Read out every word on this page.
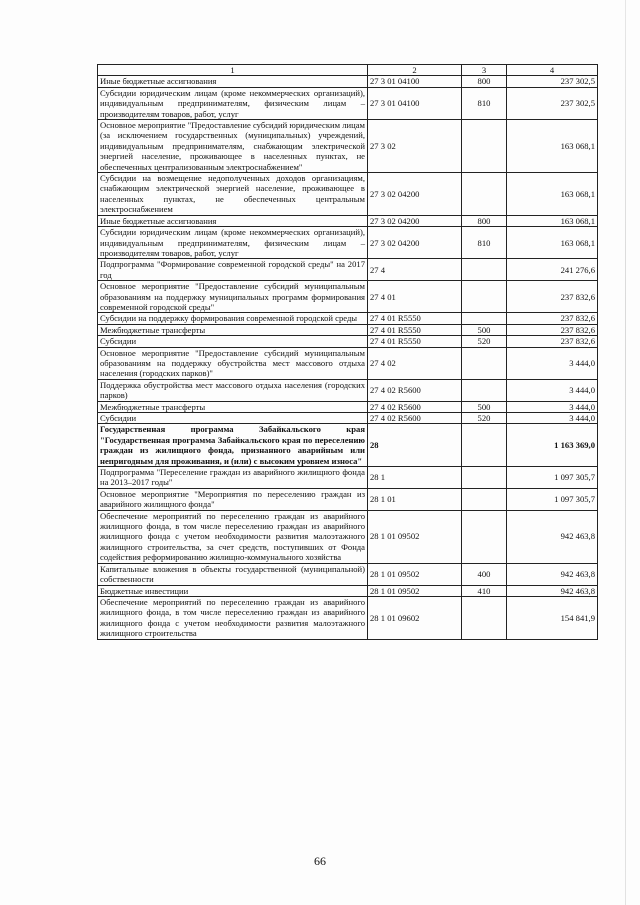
1	2	3	4
Иные бюджетные ассигнования	27 3 01 04100	800	237 302,5
Субсидии юридическим лицам (кроме некоммерческих организаций), индивидуальным предпринимателям, физическим лицам – производителям товаров, работ, услуг	27 3 01 04100	810	237 302,5
Основное мероприятие "Предоставление субсидий юридическим лицам (за исключением государственных (муниципальных) учреждений, индивидуальным предпринимателям, снабжающим электрической энергией население, проживающее в населенных пунктах, не обеспеченных централизованным электроснабжением"	27 3 02		163 068,1
Субсидии на возмещение недополученных доходов организациям, снабжающим электрической энергией население, проживающее в населенных пунктах, не обеспеченных центральным электроснабжением	27 3 02 04200		163 068,1
Иные бюджетные ассигнования	27 3 02 04200	800	163 068,1
Субсидии юридическим лицам (кроме некоммерческих организаций), индивидуальным предпринимателям, физическим лицам – производителям товаров, работ, услуг	27 3 02 04200	810	163 068,1
Подпрограмма "Формирование современной городской среды" на 2017 год	27 4		241 276,6
Основное мероприятие "Предоставление субсидий муниципальным образованиям на поддержку муниципальных программ формирования современной городской среды"	27 4 01		237 832,6
Субсидии на поддержку формирования современной городской среды	27 4 01 R5550		237 832,6
Межбюджетные трансферты	27 4 01 R5550	500	237 832,6
Субсидии	27 4 01 R5550	520	237 832,6
Основное мероприятие "Предоставление субсидий муниципальным образованиям на поддержку обустройства мест массового отдыха населения (городских парков)"	27 4 02		3 444,0
Поддержка обустройства мест массового отдыха населения (городских парков)	27 4 02 R5600		3 444,0
Межбюджетные трансферты	27 4 02 R5600	500	3 444,0
Субсидии	27 4 02 R5600	520	3 444,0
Государственная программа Забайкальского края "Государственная программа Забайкальского края по переселению граждан из жилищного фонда, признанного аварийным или непригодным для проживания, и (или) с высоким уровнем износа"	28		1 163 369,0
Подпрограмма "Переселение граждан из аварийного жилищного фонда на 2013–2017 годы"	28 1		1 097 305,7
Основное мероприятие "Мероприятия по переселению граждан из аварийного жилищного фонда"	28 1 01		1 097 305,7
Обеспечение мероприятий по переселению граждан из аварийного жилищного фонда, в том числе переселению граждан из аварийного жилищного фонда с учетом необходимости развития малоэтажного жилищного строительства, за счет средств, поступивших от Фонда содействия реформированию жилищно-коммунального хозяйства	28 1 01 09502		942 463,8
Капитальные вложения в объекты государственной (муниципальной) собственности	28 1 01 09502	400	942 463,8
Бюджетные инвестиции	28 1 01 09502	410	942 463,8
Обеспечение мероприятий по переселению граждан из аварийного жилищного фонда, в том числе переселению граждан из аварийного жилищного фонда с учетом необходимости развития малоэтажного жилищного строительства	28 1 01 09602		154 841,9
66
